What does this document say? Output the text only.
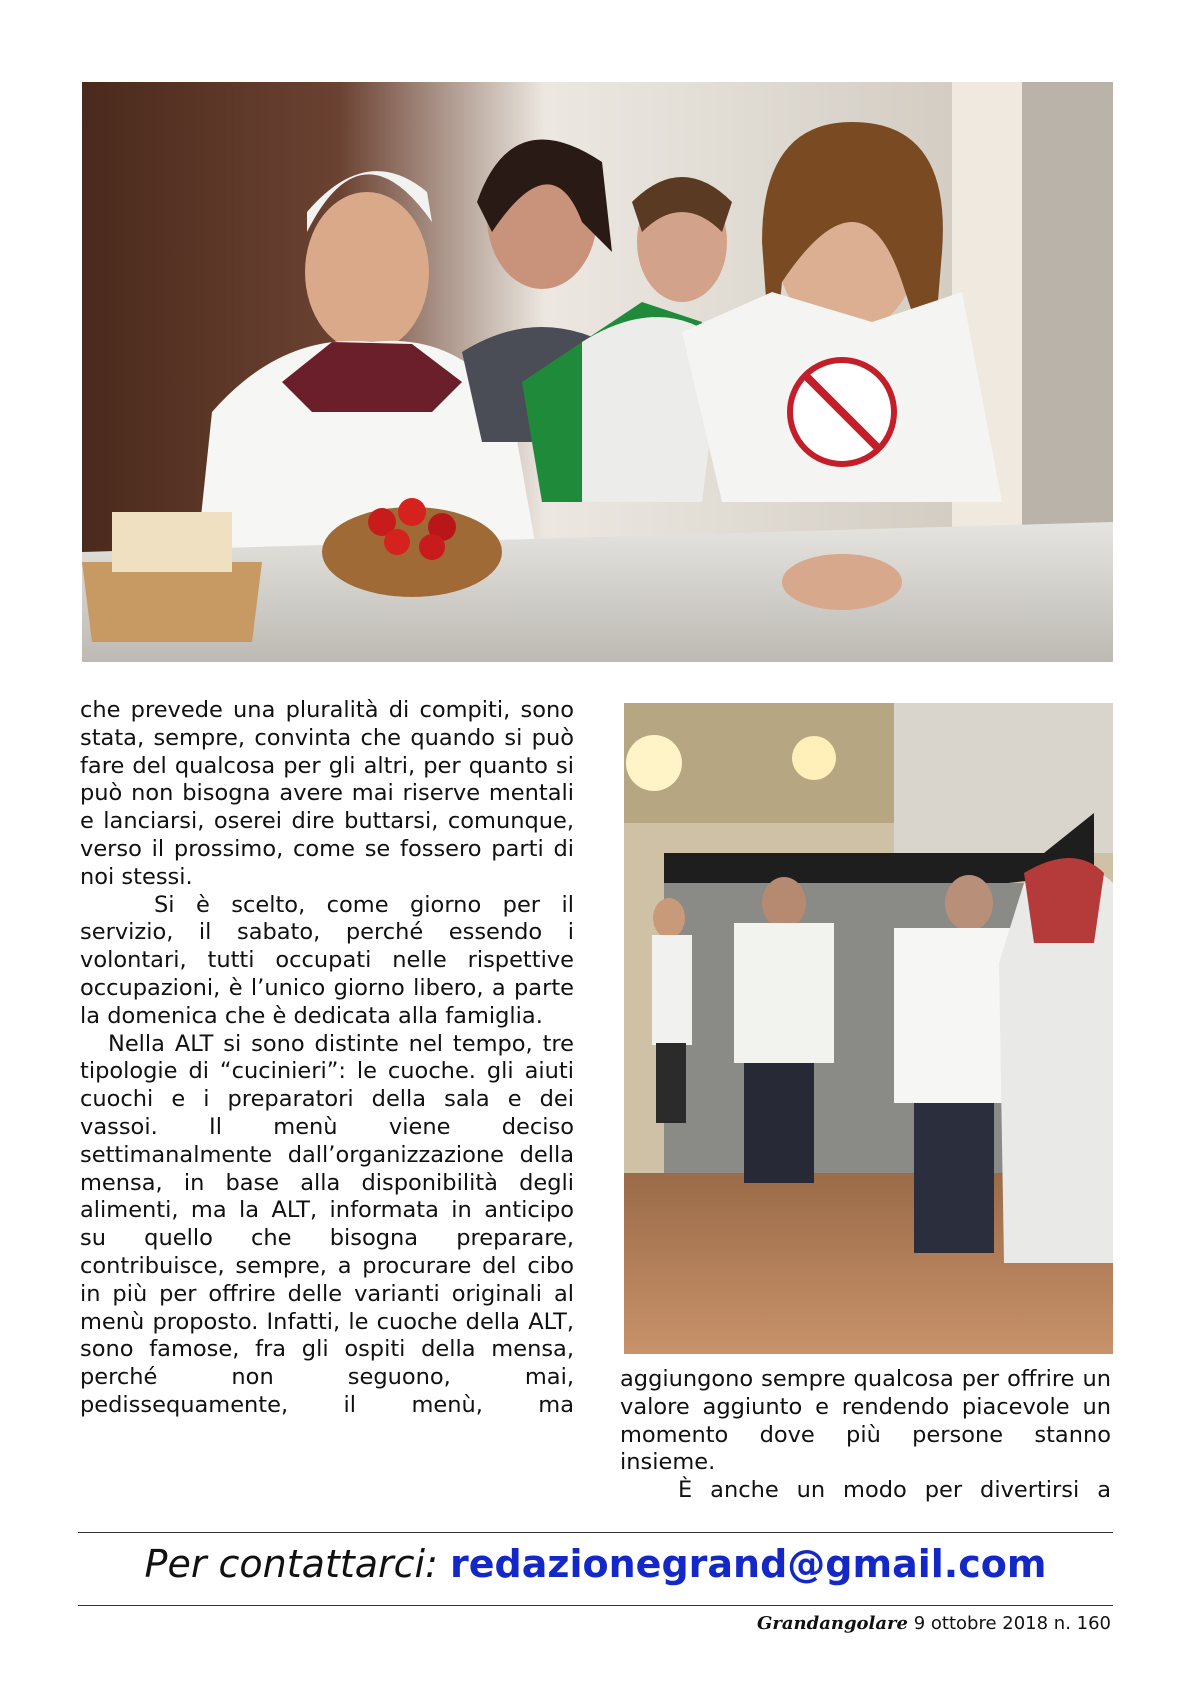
che prevede una pluralità di compiti, sono stata, sempre, convinta che quando si può fare del qualcosa per gli altri, per quanto si può non bisogna avere mai riserve mentali e lanciarsi, oserei dire buttarsi, comunque, verso il prossimo, come se fossero parti di noi stessi.

Si è scelto, come giorno per il servizio, il sabato, perché essendo i volontari, tutti occupati nelle rispettive occupazioni, è l’unico giorno libero, a parte la domenica che è dedicata alla famiglia.

Nella ALT si sono distinte nel tempo, tre tipologie di “cucinieri”: le cuoche. gli aiuti cuochi e i preparatori della sala e dei vassoi. Il menù viene deciso settimanalmente dall’organizzazione della mensa, in base alla disponibilità degli alimenti, ma la ALT, informata in anticipo su quello che bisogna preparare, contribuisce, sempre, a procurare del cibo in più per offrire delle varianti originali al menù proposto. Infatti, le cuoche della ALT, sono famose, fra gli ospiti della mensa, perché non seguono, mai, pedissequamente, il menù, ma

aggiungono sempre qualcosa per offrire un valore aggiunto e rendendo piacevole un momento dove più persone stanno insieme.

È anche un modo per divertirsi a

Per contattarci: redazionegrand@gmail.com
Grandangolare 9 ottobre 2018 n. 160
